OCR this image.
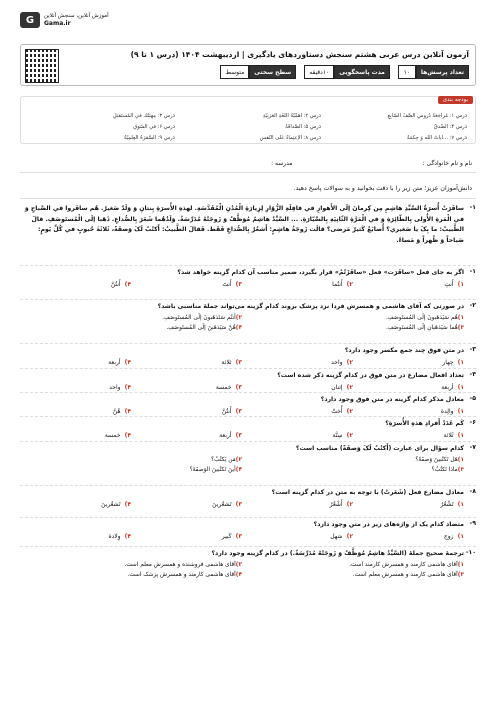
G	آموزش آنلاین، سنجش آنلاین
Gama.ir
آزمون آنلاین درس عربی هشتم سنجش دستاوردهای یادگیری | اردیبهشت ۱۴۰۴ (درس ۱ تا ۹)
تعداد پرسش‌ها
۱۰
مدت پاسخگویی
۱۰دقیقه
سطح سختی
متوسط
بودجه بندی
دَرسِ ۱: مُراجَعَةُ دُروسِ الصَّفِّ السّابِعِ
دَرسِ ۲: أَهَمِّيَّةُ اللُّغَةِ العَرَبِيَّةِ
دَرسِ ۳: مِهنَتُكَ في المُستَقبَلِ
دَرسِ ۴: الصِّدقُ
دَرسِ ۵: الصَّداقَةُ
دَرسِ ۶: في السّوقِ
دَرسِ ۷: ...آیاتُ الله وَ حِکمَةٌ
دَرسِ ۸: الاِعتِمادُ عَلَی النَّفسِ
دَرسِ ۹: السَّفرَةُ العِلمِيَّةُ
نام و نام خانوادگی :
مدرسه :
دانش‌آموزان عزیز؛ متن زیر را با دقت بخوانید و به سوالات پاسخ دهید.
۱-
سافَرَتْ أُسرَةُ السَّيِّدِ هاشِمِ مِن کِرمانَ إلَی الأَهوازِ في قافِلَةِ الزُّوّارِ لِزِيارَةِ الْمُدُنِ الْمُقَدَّسَةِ. لهذهِ الأُسرَةِ بِنتانِ وَ وَلَدٌ صَغيرٌ. هُم سافَروا في الصَّباحِ وَ في الْمَرةِ الأُولی بِالطّائِرَةِ وَ في الْمَرَّةِ الثّانِيَةِ بِالسَّيّارَةِ. ... السَّيِّدُ هاشِمٌ مُوَظَّفٌ وَ زَوجَتُهُ مُدَرِّسَةٌ. وَلَدُهُما شَعَرَ بِالصُّداعِ. ذَهَبا إلَی الْمُستَوصَفِ. قالَ الطَّبيبُ: ما بِکَ يا صَغيري؟ أُصابَعُ کَثيرٌ مَرضی؟ قالَت زَوجَةُ هاشِمٍ: أَشعُرُ بِالصُّداعِ فَقَط. فَقالَ الطَّبيبُ: أَکتُبُ لَکَ وَصفَةً، ثَلاثَةَ حُبوبٍ في کُلِّ يَومٍ: صَباحاً وَ ظُهراً وَ مَساءً.
۱-
اگر به جای فعل «سافَرَت» فعل «سافَرْتُمْ» قرار بگیرد، ضمیر مناسب آن کدام گزینه خواهد شد؟
۱)
أَنتِ
۲)
أَنتُما
۳)
أَنتَ
۴)
أَنتُنَّ
۲-
در صورتی که آقای هاشمی و همسرش فردا نزد پزشک بروند کدام گزینه می‌تواند جملهٔ مناسبی باشد؟
۱)هُم سَيَذهَبونَ إلَی المُستَوصَفِ.
۲)أنتُم سَتَذهَبونَ إلَی المُستَوصَفِ.
۳)هُما سَيَذهَبانِ إلَی المُستَوصَفِ.
۴)هُنَّ سَيَذهَبنَ إلَی المُستَوصَفِ.
۳-
در متن فوق چند جمع مکسر وجود دارد؟
۱)
چهار
۲)
واحد
۳)
ثلاثة
۴)
أربعة
۴-
تعداد افعال مضارع در متن فوق در کدام گزینه ذکر شده است؟
۱)
أربعة
۲)
إثنان
۳)
خمسة
۴)
واحد
۵-
معادل مذکر کدام گزینه در متن فوق وجود دارد؟
۱)
والِدة
۲)
أُختٌ
۳)
أَنتُنَّ
۴)
هُنَّ
۶-
کَم عَدَدُ أَفرادِ هذهِ الأُسرَةِ؟
۱)
ثَلاثة
۲)
سِتَّة
۳)
أربعة
۴)
خمسة
۷-
کدام سؤال برای عبارت (أَکتُبُ لَکَ وَصفَةً) مناسب است؟
۱)هَل تَکتُبينَ وَصفَةً؟
۲)مَن يَکتُبُ؟
۳)ماذا تَکتُبُ؟
۴)أينَ تَکتُبينَ الوَصفَةَ؟
۸-
معادل مضارع فعل (شَعَرتُ) با توجه به متن در کدام گزینه است؟
۱)
تَشْعُرُ
۲)
أَشْعُرُ
۳)
تَشعُرينَ
۴)
تَشعُرينَ
۹-
متضاد کدام یک از واژه‌های زیر در متن وجود دارد؟
۱)
زوج
۲)
سَهل
۳)
کَبير
۴)
وِلادة
۱۰-
ترجمهٔ صحیح جملهٔ (السَّيِّدُ هاشِمٌ مُوَظَّفٌ وَ زَوجَتُهُ مُدَرِّسَةٌ.) در کدام گزینه وجود دارد؟
۱)آقای هاشمی کارمند و همسرش کارمند است.
۲)آقای هاشمی فروشنده و همسرش معلم است.
۳)آقای هاشمی کارمند و همسرش معلم است.
۴)آقای هاشمی کارمند و همسرش پزشک است.
